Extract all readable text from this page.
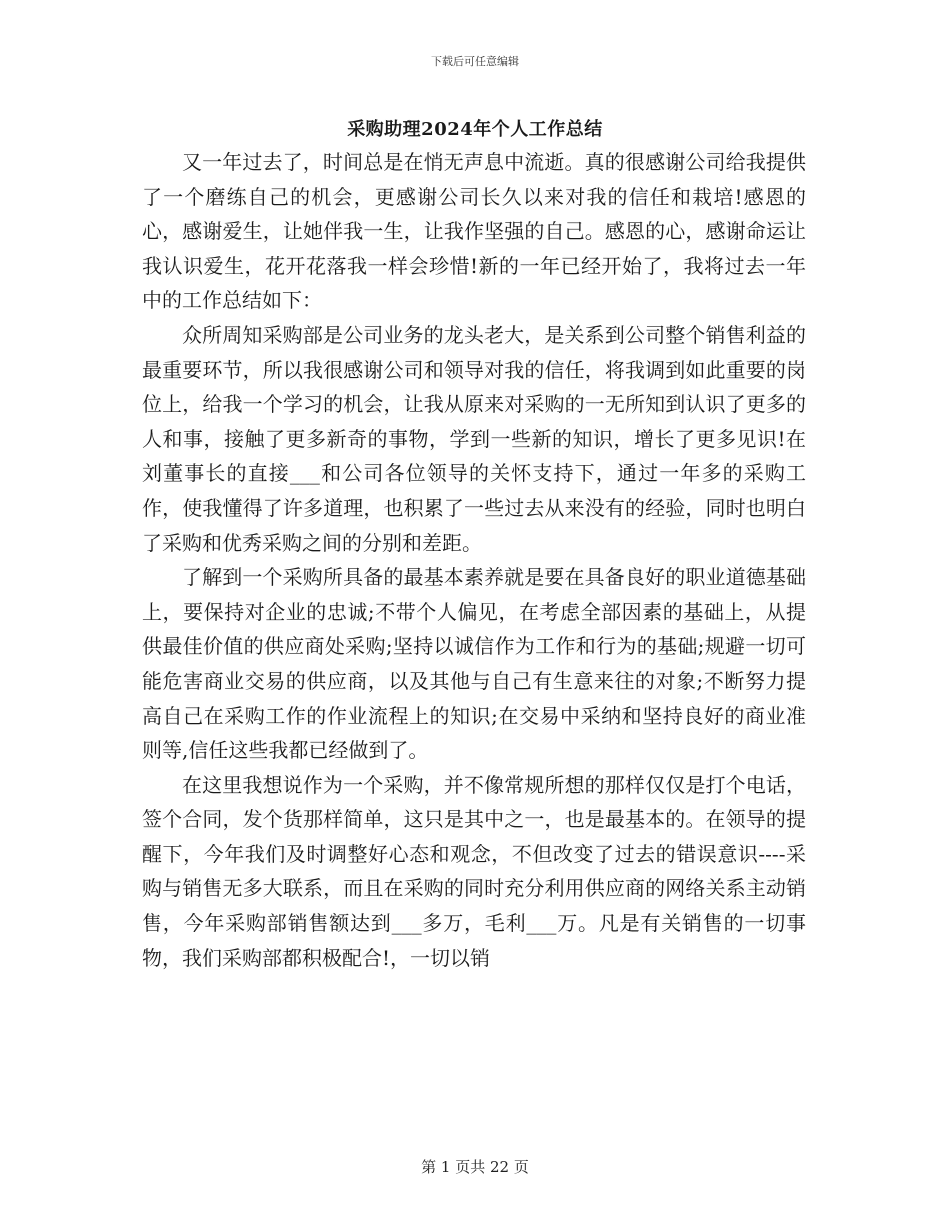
下载后可任意编辑
采购助理2024年个人工作总结

又一年过去了，时间总是在悄无声息中流逝。真的很感谢公司给我提供了一个磨练自己的机会，更感谢公司长久以来对我的信任和栽培!感恩的心，感谢爱生，让她伴我一生，让我作坚强的自己。感恩的心，感谢命运让我认识爱生，花开花落我一样会珍惜!新的一年已经开始了，我将过去一年中的工作总结如下：

众所周知采购部是公司业务的龙头老大，是关系到公司整个销售利益的最重要环节，所以我很感谢公司和领导对我的信任，将我调到如此重要的岗位上，给我一个学习的机会，让我从原来对采购的一无所知到认识了更多的人和事，接触了更多新奇的事物，学到一些新的知识，增长了更多见识!在刘董事长的直接___和公司各位领导的关怀支持下，通过一年多的采购工作，使我懂得了许多道理，也积累了一些过去从来没有的经验，同时也明白了采购和优秀采购之间的分别和差距。

了解到一个采购所具备的最基本素养就是要在具备良好的职业道德基础上，要保持对企业的忠诚;不带个人偏见，在考虑全部因素的基础上，从提供最佳价值的供应商处采购;坚持以诚信作为工作和行为的基础;规避一切可能危害商业交易的供应商，以及其他与自己有生意来往的对象;不断努力提高自己在采购工作的作业流程上的知识;在交易中采纳和坚持良好的商业准则等,信任这些我都已经做到了。

在这里我想说作为一个采购，并不像常规所想的那样仅仅是打个电话，签个合同，发个货那样简单，这只是其中之一，也是最基本的。在领导的提醒下，今年我们及时调整好心态和观念，不但改变了过去的错误意识----采购与销售无多大联系，而且在采购的同时充分利用供应商的网络关系主动销售，今年采购部销售额达到___多万，毛利___万。凡是有关销售的一切事物，我们采购部都积极配合!，一切以销

第 1 页共 22 页
